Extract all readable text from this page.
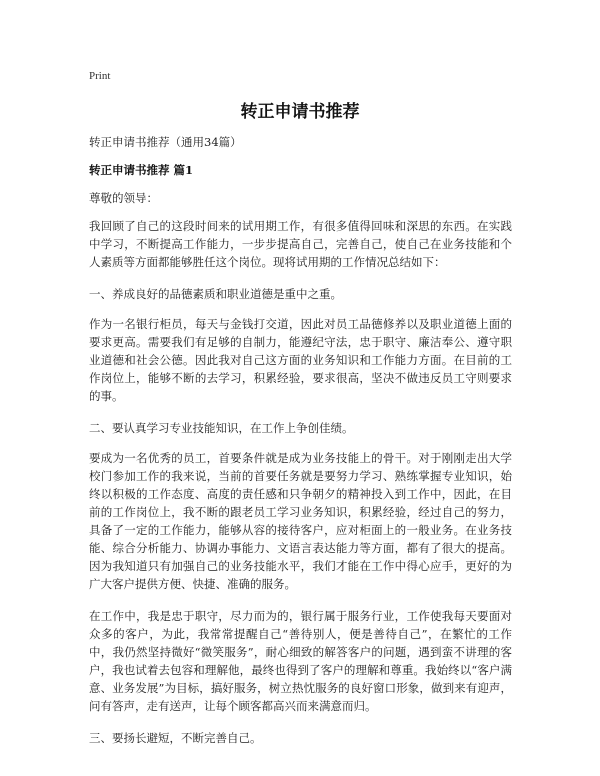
Print
转正申请书推荐

转正申请书推荐（通用34篇）

转正申请书推荐 篇1

尊敬的领导：

我回顾了自己的这段时间来的试用期工作，有很多值得回味和深思的东西。在实践中学习，不断提高工作能力，一步步提高自己，完善自己，使自己在业务技能和个人素质等方面都能够胜任这个岗位。现将试用期的工作情况总结如下：

一、养成良好的品德素质和职业道德是重中之重。

作为一名银行柜员，每天与金钱打交道，因此对员工品德修养以及职业道德上面的要求更高。需要我们有足够的自制力，能遵纪守法，忠于职守、廉洁奉公、遵守职业道德和社会公德。因此我对自己这方面的业务知识和工作能力方面。在目前的工作岗位上，能够不断的去学习，积累经验，要求很高，坚决不做违反员工守则要求的事。

二、要认真学习专业技能知识，在工作上争创佳绩。

要成为一名优秀的员工，首要条件就是成为业务技能上的骨干。对于刚刚走出大学校门参加工作的我来说，当前的首要任务就是要努力学习、熟练掌握专业知识，始终以积极的工作态度、高度的责任感和只争朝夕的精神投入到工作中，因此，在目前的工作岗位上，我不断的跟老员工学习业务知识，积累经验，经过自己的努力，具备了一定的工作能力，能够从容的接待客户，应对柜面上的一般业务。在业务技能、综合分析能力、协调办事能力、文语言表达能力等方面，都有了很大的提高。因为我知道只有加强自己的业务技能水平，我们才能在工作中得心应手，更好的为广大客户提供方便、快捷、准确的服务。

在工作中，我是忠于职守，尽力而为的，银行属于服务行业，工作使我每天要面对众多的客户，为此，我常常提醒自己“善待别人，便是善待自己”，在繁忙的工作中，我仍然坚持微好“微笑服务”，耐心细致的解答客户的问题，遇到蛮不讲理的客户，我也试着去包容和理解他，最终也得到了客户的理解和尊重。我始终以“客户满意、业务发展”为目标，搞好服务，树立热忱服务的良好窗口形象，做到来有迎声，问有答声，走有送声，让每个顾客都高兴而来满意而归。

三、要扬长避短，不断完善自己。
